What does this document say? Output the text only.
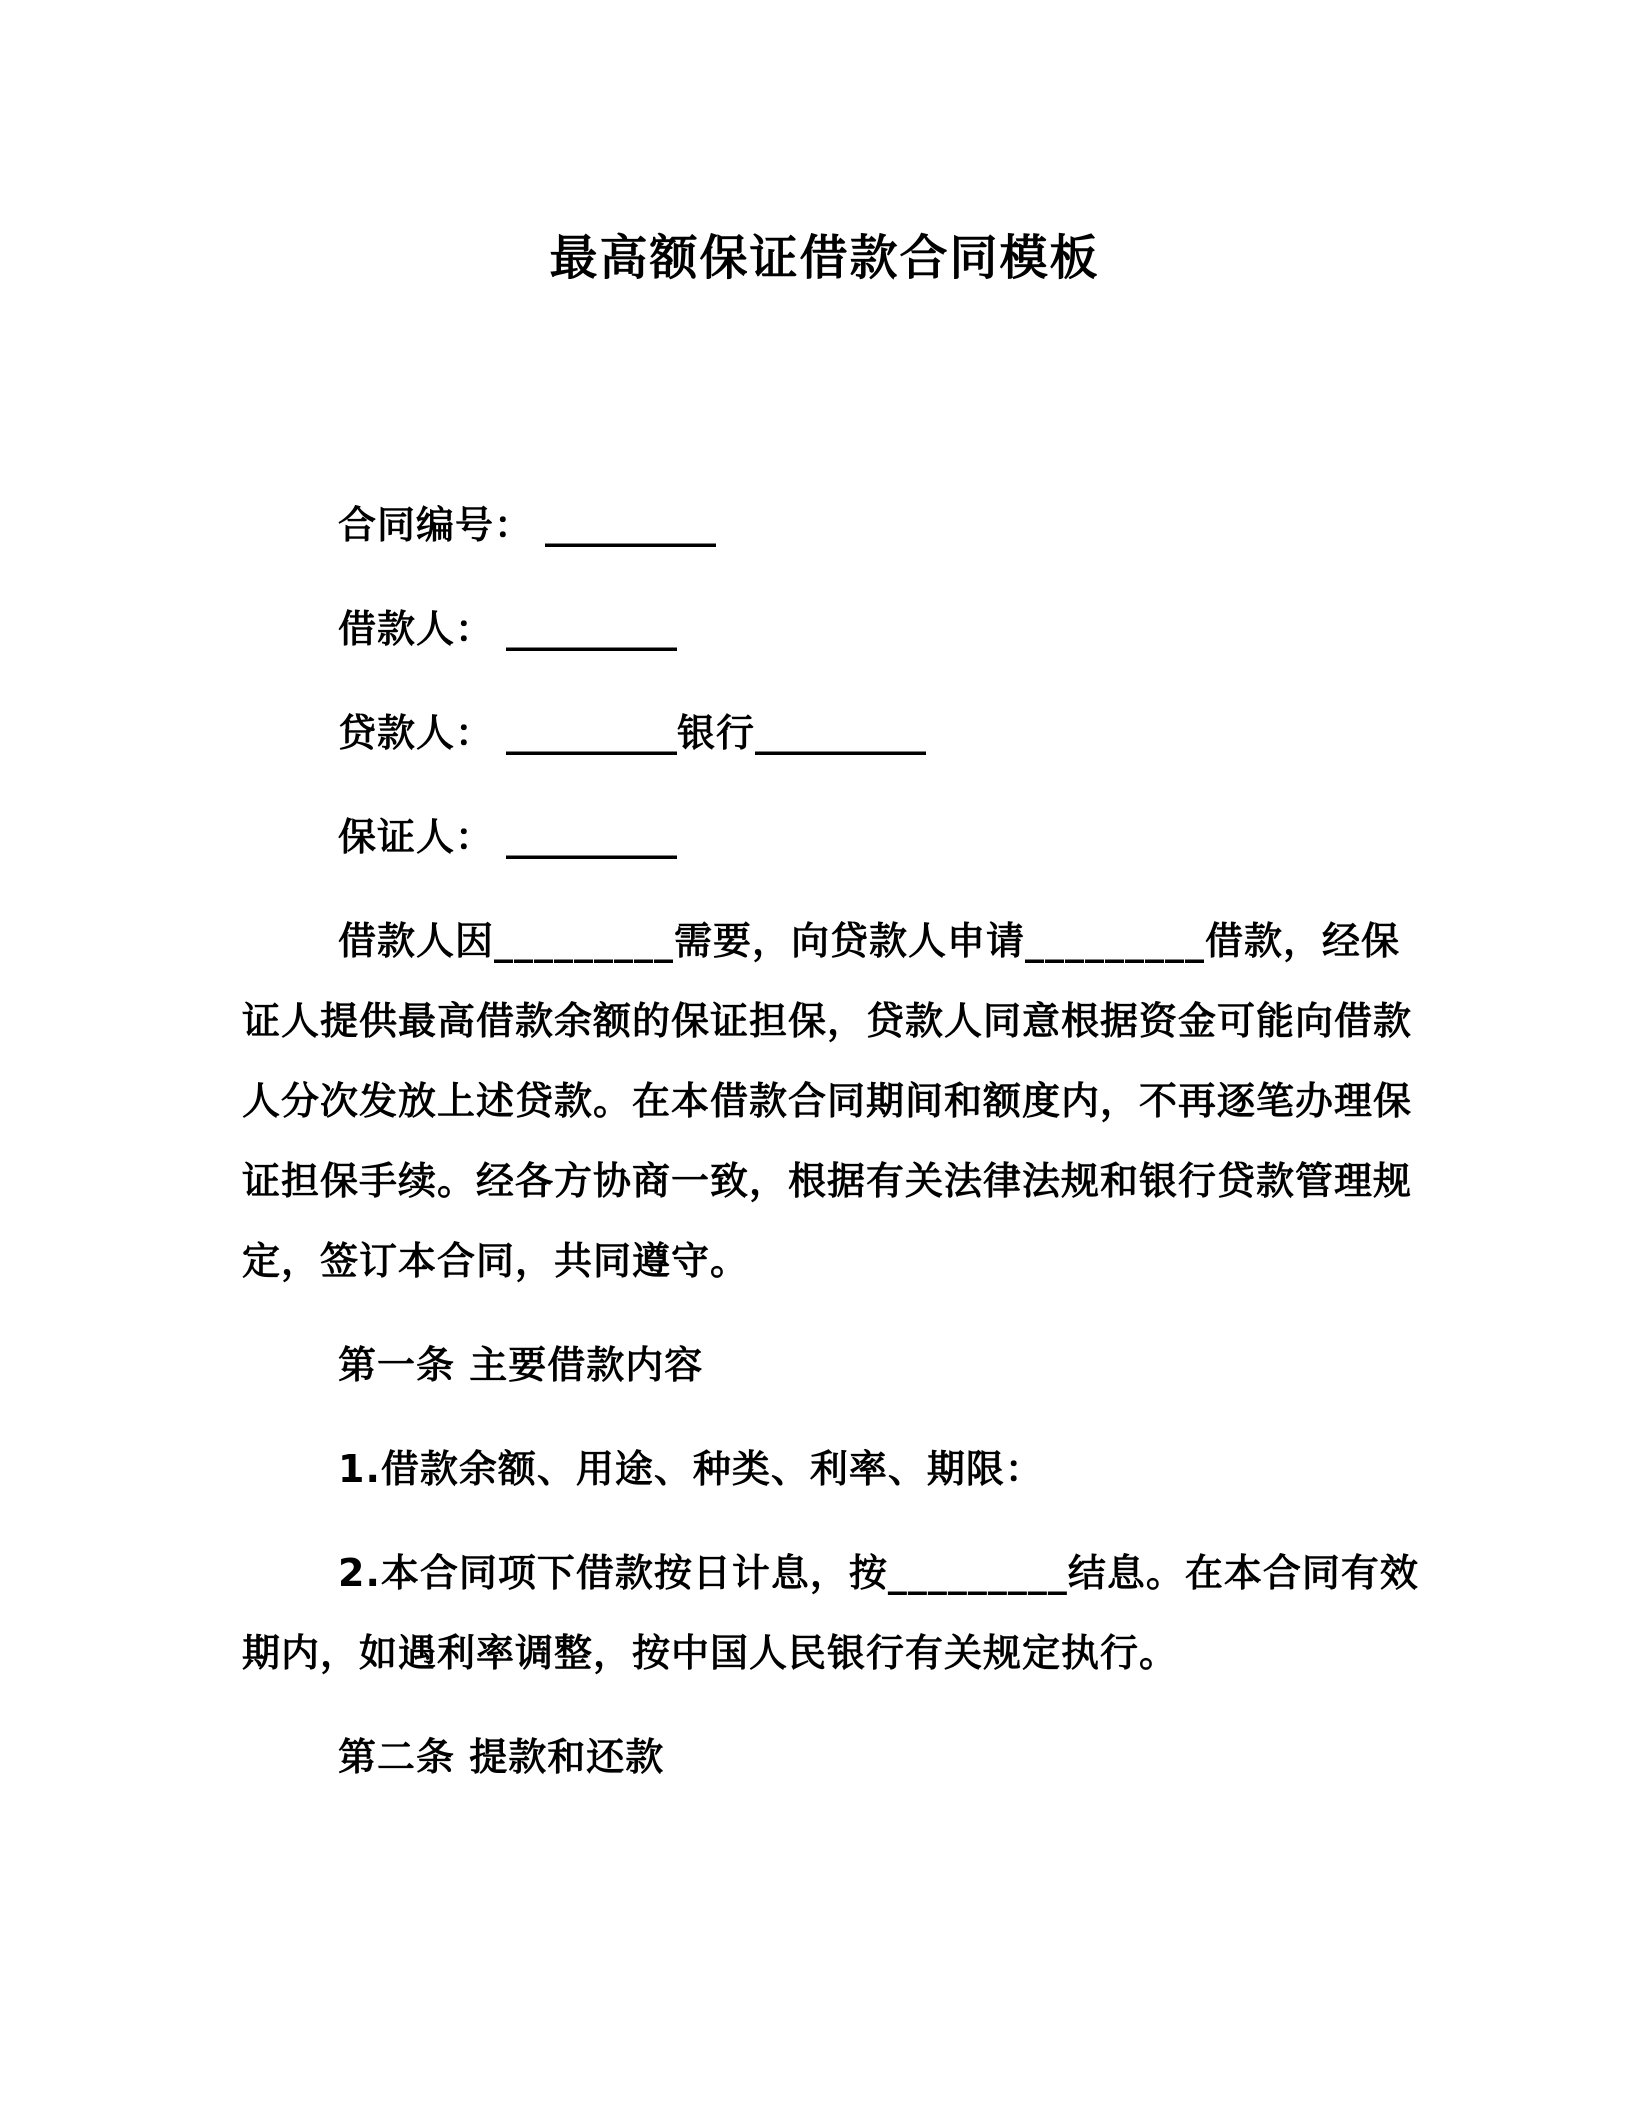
最高额保证借款合同模板

合同编号： _________

借款人： _________

贷款人： _________银行_________

保证人： _________

借款人因_________需要，向贷款人申请_________借款，经保
证人提供最高借款余额的保证担保，贷款人同意根据资金可能向借款
人分次发放上述贷款。在本借款合同期间和额度内，不再逐笔办理保
证担保手续。经各方协商一致，根据有关法律法规和银行贷款管理规
定，签订本合同，共同遵守。

第一条 主要借款内容

1.借款余额、用途、种类、利率、期限：

2.本合同项下借款按日计息，按_________结息。在本合同有效
期内，如遇利率调整，按中国人民银行有关规定执行。

第二条 提款和还款
